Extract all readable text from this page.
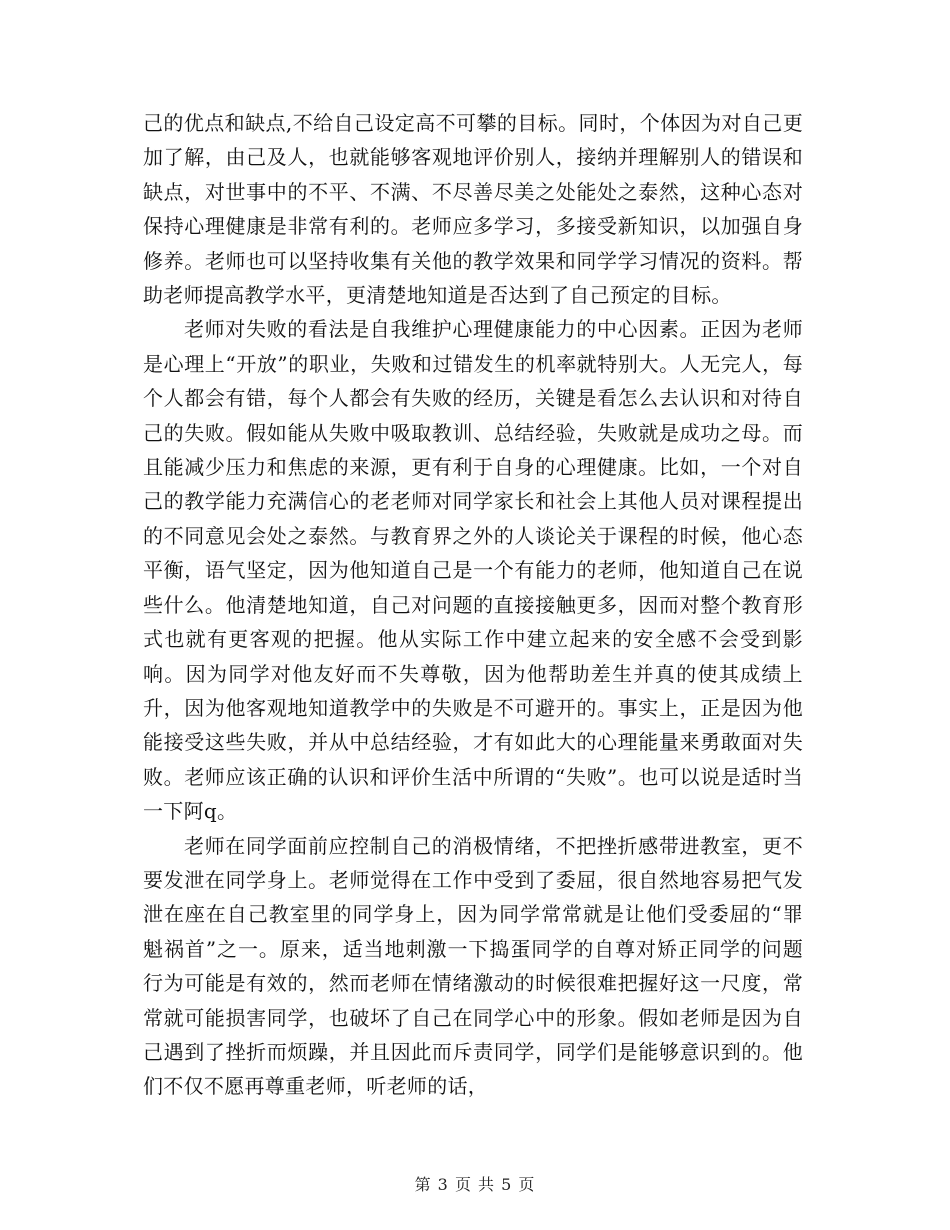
己的优点和缺点,不给自己设定高不可攀的目标。同时，个体因为对自己更加了解，由己及人，也就能够客观地评价别人，接纳并理解别人的错误和缺点，对世事中的不平、不满、不尽善尽美之处能处之泰然，这种心态对保持心理健康是非常有利的。老师应多学习，多接受新知识，以加强自身修养。老师也可以坚持收集有关他的教学效果和同学学习情况的资料。帮助老师提高教学水平，更清楚地知道是否达到了自己预定的目标。

老师对失败的看法是自我维护心理健康能力的中心因素。正因为老师是心理上“开放”的职业，失败和过错发生的机率就特别大。人无完人，每个人都会有错，每个人都会有失败的经历，关键是看怎么去认识和对待自己的失败。假如能从失败中吸取教训、总结经验，失败就是成功之母。而且能减少压力和焦虑的来源，更有利于自身的心理健康。比如，一个对自己的教学能力充满信心的老老师对同学家长和社会上其他人员对课程提出的不同意见会处之泰然。与教育界之外的人谈论关于课程的时候，他心态平衡，语气坚定，因为他知道自己是一个有能力的老师，他知道自己在说些什么。他清楚地知道，自己对问题的直接接触更多，因而对整个教育形式也就有更客观的把握。他从实际工作中建立起来的安全感不会受到影响。因为同学对他友好而不失尊敬，因为他帮助差生并真的使其成绩上升，因为他客观地知道教学中的失败是不可避开的。事实上，正是因为他能接受这些失败，并从中总结经验，才有如此大的心理能量来勇敢面对失败。老师应该正确的认识和评价生活中所谓的“失败”。也可以说是适时当一下阿q。

老师在同学面前应控制自己的消极情绪，不把挫折感带进教室，更不要发泄在同学身上。老师觉得在工作中受到了委屈，很自然地容易把气发泄在座在自己教室里的同学身上，因为同学常常就是让他们受委屈的“罪魁祸首”之一。原来，适当地刺激一下捣蛋同学的自尊对矫正同学的问题行为可能是有效的，然而老师在情绪激动的时候很难把握好这一尺度，常常就可能损害同学，也破坏了自己在同学心中的形象。假如老师是因为自己遇到了挫折而烦躁，并且因此而斥责同学，同学们是能够意识到的。他们不仅不愿再尊重老师，听老师的话，

第 3 页 共 5 页
